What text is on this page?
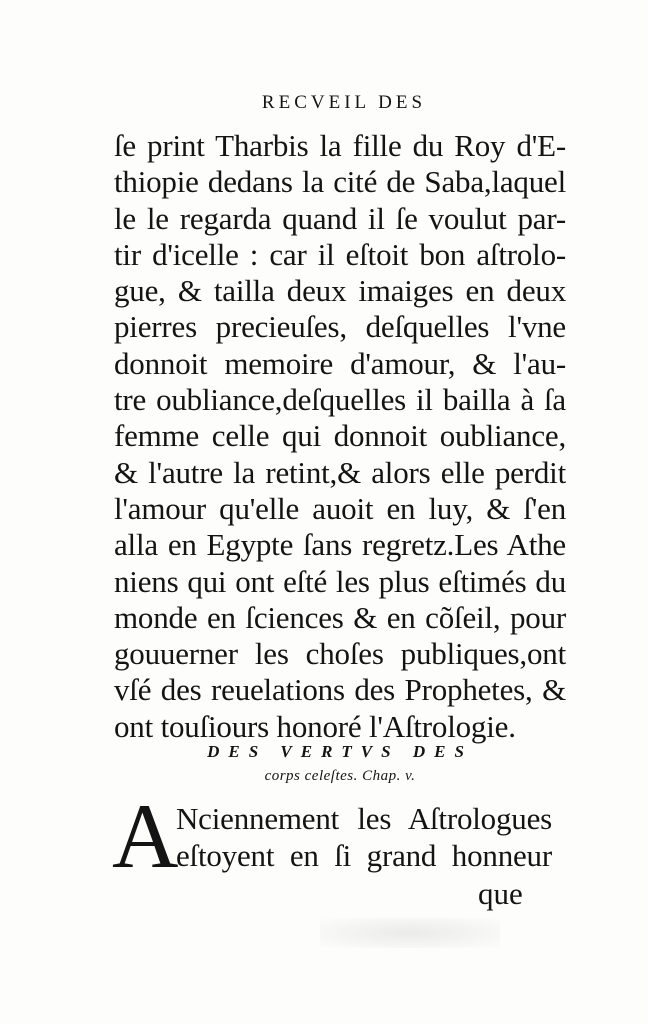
RECVEIL DES
ſe print Tharbis la fille du Roy d'E-
thiopie dedans la cité de Saba,laquel
le le regarda quand il ſe voulut par-
tir d'icelle : car il eſtoit bon aſtrolo-
gue, & tailla deux imaiges en deux
pierres precieuſes, deſquelles l'vne
donnoit memoire d'amour, & l'au-
tre oubliance,deſquelles il bailla à ſa
femme celle qui donnoit oubliance,
& l'autre la retint,& alors elle perdit
l'amour qu'elle auoit en luy, & ſ'en
alla en Egypte ſans regretz.Les Athe
niens qui ont eſté les plus eſtimés du
monde en ſciences & en cõſeil, pour
gouuerner les choſes publiques,ont
vſé des reuelations des Prophetes, &
ont touſiours honoré l'Aſtrologie.
DES VERTVS DES
corps celeſtes. Chap. v.
A
Nciennement les Aſtrologues
eſtoyent en ſi grand honneur
que
